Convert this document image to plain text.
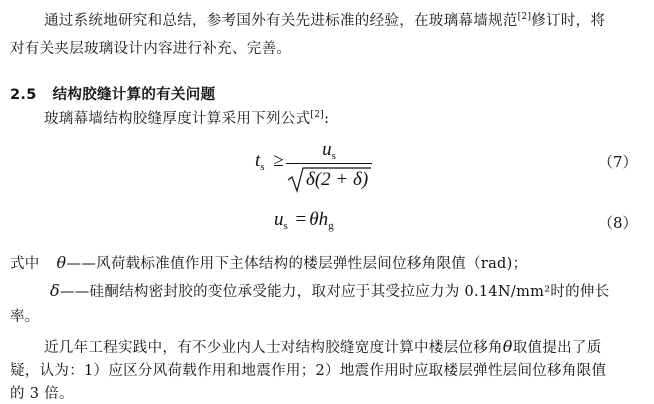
通过系统地研究和总结，参考国外有关先进标准的经验，在玻璃幕墙规范[2]修订时，将
对有关夹层玻璃设计内容进行补充、完善。
2.5 结构胶缝计算的有关问题
玻璃幕墙结构胶缝厚度计算采用下列公式[2]:
$t_s$ ≥
$u_s$
δ(2 + δ)
（7）
$u_s = \theta h_g$	（8）
式中 θ——风荷载标准值作用下主体结构的楼层弹性层间位移角限值（rad)；
δ——硅酮结构密封胶的变位承受能力，取对应于其受拉应力为 0.14N/mm²时的伸长
率。
近几年工程实践中，有不少业内人士对结构胶缝宽度计算中楼层位移角θ取值提出了质
疑，认为：1）应区分风荷载作用和地震作用；2）地震作用时应取楼层弹性层间位移角限值
的 3 倍。
